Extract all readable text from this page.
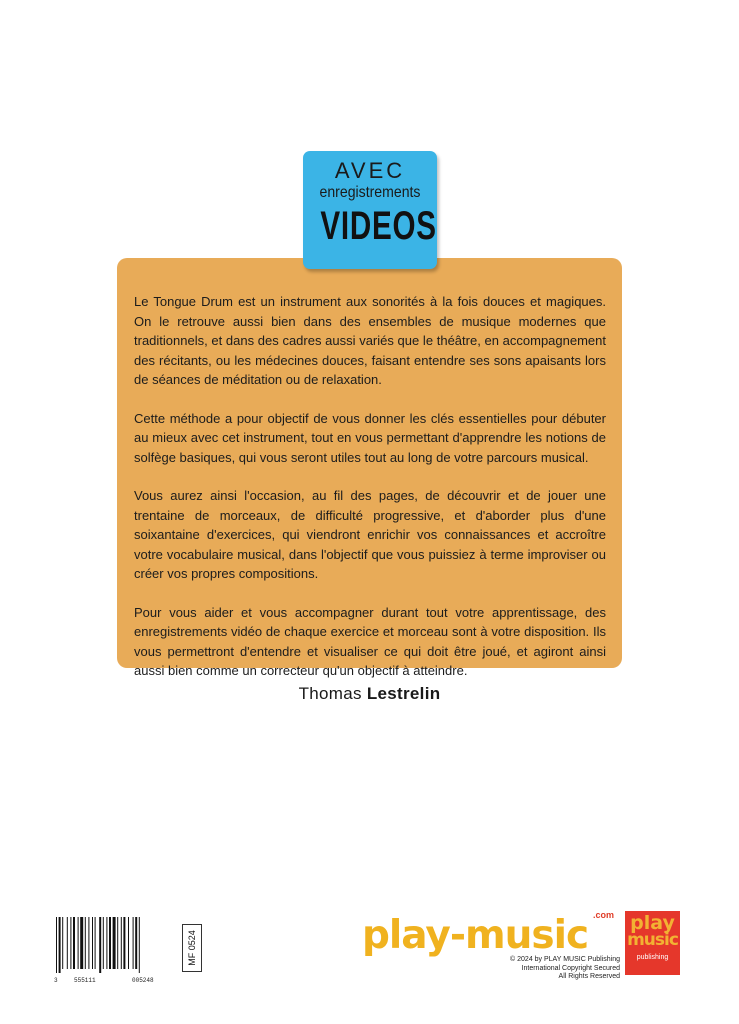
AVEC
enregistrements
VIDEOS

Le Tongue Drum est un instrument aux sonorités à la fois douces et magiques. On le retrouve aussi bien dans des ensembles de musique modernes que traditionnels, et dans des cadres aussi variés que le théâtre, en accompagnement des récitants, ou les médecines douces, faisant entendre ses sons apaisants lors de séances de méditation ou de relaxation.

Cette méthode a pour objectif de vous donner les clés essentielles pour débuter au mieux avec cet instrument, tout en vous permettant d'apprendre les notions de solfège basiques, qui vous seront utiles tout au long de votre parcours musical.

Vous aurez ainsi l'occasion, au fil des pages, de découvrir et de jouer une trentaine de morceaux, de difficulté progressive, et d'aborder plus d'une soixantaine d'exercices, qui viendront enrichir vos connaissances et accroître votre vocabulaire musical, dans l'objectif que vous puissiez à terme improviser ou créer vos propres compositions.

Pour vous aider et vous accompagner durant tout votre apprentissage, des enregistrements vidéo de chaque exercice et morceau sont à votre disposition. Ils vous permettront d'entendre et visualiser ce qui doit être joué, et agiront ainsi aussi bien comme un correcteur qu'un objectif à atteindre.

Thomas Lestrelin
3	555111	005248
MF 0524	play-music .com play
music
publishing
© 2024 by PLAY MUSIC Publishing
International Copyright Secured
All Rights Reserved
